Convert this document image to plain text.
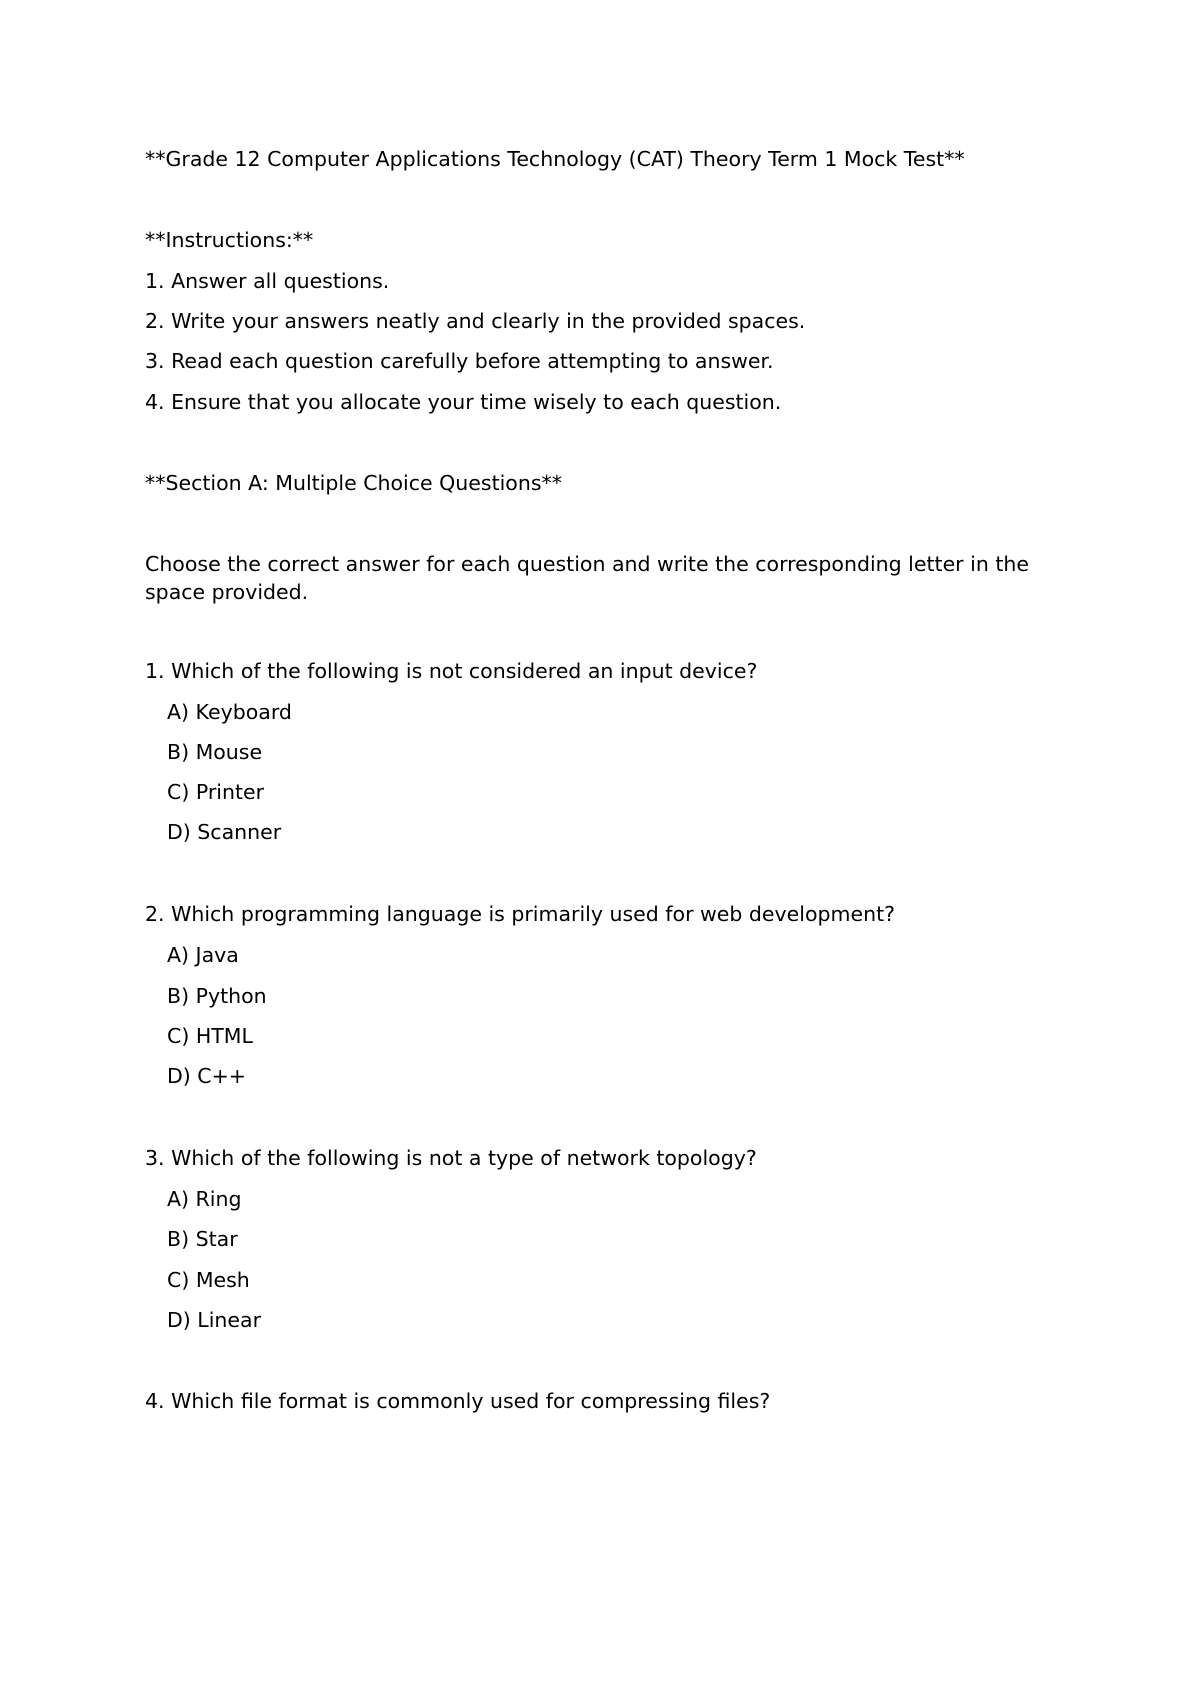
**Grade 12 Computer Applications Technology (CAT) Theory Term 1 Mock Test**
**Instructions:**
1. Answer all questions.
2. Write your answers neatly and clearly in the provided spaces.
3. Read each question carefully before attempting to answer.
4. Ensure that you allocate your time wisely to each question.
**Section A: Multiple Choice Questions**
Choose the correct answer for each question and write the corresponding letter in the space provided.
1. Which of the following is not considered an input device?
A) Keyboard
B) Mouse
C) Printer
D) Scanner
2. Which programming language is primarily used for web development?
A) Java
B) Python
C) HTML
D) C++
3. Which of the following is not a type of network topology?
A) Ring
B) Star
C) Mesh
D) Linear
4. Which file format is commonly used for compressing files?
